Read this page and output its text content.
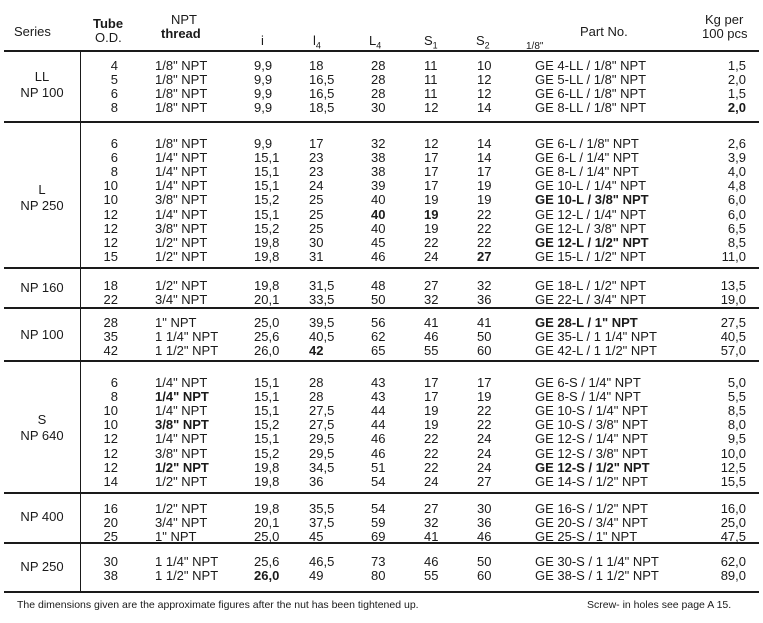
Series
Tube
O.D.
NPT
thread	i	$l_4$	$L_4$	$S_1$	$S_2$	1/8"
Part No.
Kg per
100 pcs
LL
NP 100
4	1/8" NPT	9,9	18	28	11	10	GE 4-LL / 1/8" NPT	1,5
5	1/8" NPT	9,9	16,5	28	11	12	GE 5-LL / 1/8" NPT	2,0
6	1/8" NPT	9,9	16,5	28	11	12	GE 6-LL / 1/8" NPT	1,5
8	1/8" NPT	9,9	18,5	30	12	14	GE 8-LL / 1/8" NPT	2,0
L
NP 250
6	1/8" NPT	9,9	17	32	12	14	GE 6-L / 1/8" NPT	2,6
6	1/4" NPT	15,1 23	38	17	14	GE 6-L / 1/4" NPT	3,9
8	1/4" NPT	15,1 23	38	17	17	GE 8-L / 1/4" NPT	4,0
10	1/4" NPT	15,1 24	39	17	19	GE 10-L / 1/4" NPT	4,8
10	3/8" NPT	15,2 25	40	19	19	GE 10-L / 3/8" NPT	6,0
12	1/4" NPT	15,1 25	40	19	22	GE 12-L / 1/4" NPT	6,0
12	3/8" NPT	15,2 25	40	19	22	GE 12-L / 3/8" NPT	6,5
12	1/2" NPT	19,8 30	45	22	22	GE 12-L / 1/2" NPT	8,5
15	1/2" NPT	19,8 31	46	24	27	GE 15-L / 1/2" NPT	11,0
NP 160	18	1/2" NPT	19,8 31,5	48	27	32	GE 18-L / 1/2" NPT	13,5
22	3/4" NPT	20,1 33,5	50	32	36	GE 22-L / 3/4" NPT	19,0
NP 100
28	1" NPT	25,0 39,5	56	41	41	GE 28-L / 1" NPT	27,5
35	1 1/4" NPT	25,6 40,5	62	46	50	GE 35-L / 1 1/4" NPT	40,5
42	1 1/2" NPT	26,0 42	65	55	60	GE 42-L / 1 1/2" NPT	57,0
S
NP 640
6	1/4" NPT	15,1 28	43	17	17	GE 6-S / 1/4" NPT	5,0
8	1/4" NPT	15,1 28	43	17	19	GE 8-S / 1/4" NPT	5,5
10	1/4" NPT	15,1 27,5	44	19	22	GE 10-S / 1/4" NPT	8,5
10	3/8" NPT	15,2 27,5	44	19	22	GE 10-S / 3/8" NPT	8,0
12	1/4" NPT	15,1 29,5	46	22	24	GE 12-S / 1/4" NPT	9,5
12	3/8" NPT	15,2 29,5	46	22	24	GE 12-S / 3/8" NPT	10,0
12	1/2" NPT	19,8 34,5	51	22	24	GE 12-S / 1/2" NPT	12,5
14	1/2" NPT	19,8 36	54	24	27	GE 14-S / 1/2" NPT	15,5
NP 400
16	1/2" NPT	19,8 35,5	54	27	30	GE 16-S / 1/2" NPT	16,0
20	3/4" NPT	20,1 37,5	59	32	36	GE 20-S / 3/4" NPT	25,0
25	1" NPT	25,0 45	69	41	46	GE 25-S / 1" NPT	47,5
NP 250	30	1 1/4" NPT	25,6 46,5	73	46	50	GE 30-S / 1 1/4" NPT	62,0
38	1 1/2" NPT	26,0 49	80	55	60	GE 38-S / 1 1/2" NPT	89,0
The dimensions given are the approximate figures after the nut has been tightened up.	Screw- in holes see page A 15.
